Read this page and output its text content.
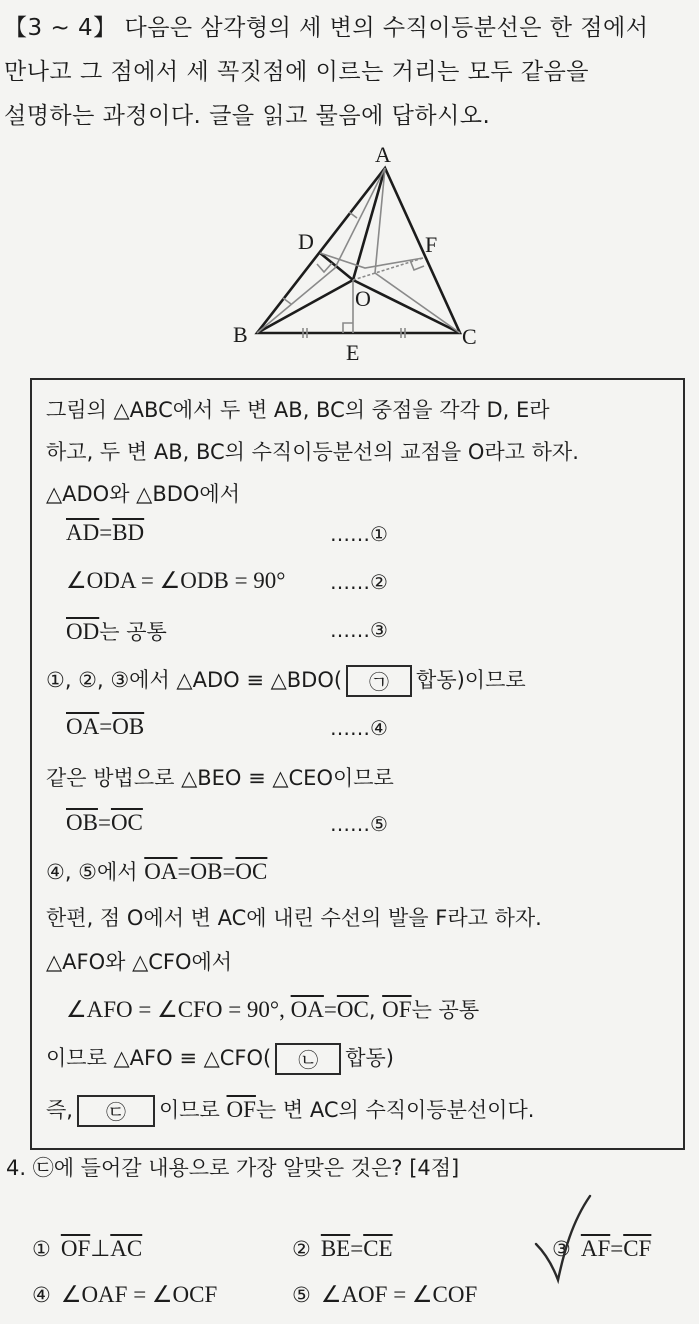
【3 ~ 4】 다음은 삼각형의 세 변의 수직이등분선은 한 점에서

만나고 그 점에서 세 꼭짓점에 이르는 거리는 모두 같음을

설명하는 과정이다. 글을 읽고 물음에 답하시오.

A
B	C
D
E
F
O
그림의 △ABC에서 두 변 AB, BC의 중점을 각각 D, E라
하고, 두 변 AB, BC의 수직이등분선의 교점을 O라고 하자.
△ADO와 △BDO에서
$\overline{AD}=\overline{BD}$	……①
∠ODA = ∠ODB = 90° ……②
$\overline{OD}$는 공통	……③
①, ②, ③에서 △ADO ≡ △BDO( ㉠ 합동)이므로
$\overline{OA}=\overline{OB}$	……④
같은 방법으로 △BEO ≡ △CEO이므로
$\overline{OB}=\overline{OC}$	……⑤
④, ⑤에서 $\overline{OA}=\overline{OB}=\overline{OC}$
한편, 점 O에서 변 AC에 내린 수선의 발을 F라고 하자.
△AFO와 △CFO에서
∠AFO = ∠CFO = 90°, $\overline{OA}=\overline{OC}$, $\overline{OF}$는 공통
이므로 △AFO ≡ △CFO( ㉡ 합동)
즉, ㉢ 이므로 $\overline{OF}$는 변 AC의 수직이등분선이다.
4. ㉢에 들어갈 내용으로 가장 알맞은 것은? [4점]
① $\overline{OF}\perp\overline{AC}$	② $\overline{BE}=\overline{CE}$	③ $\overline{AF}=\overline{CF}$
④ ∠OAF = ∠OCF	⑤ ∠AOF = ∠COF
